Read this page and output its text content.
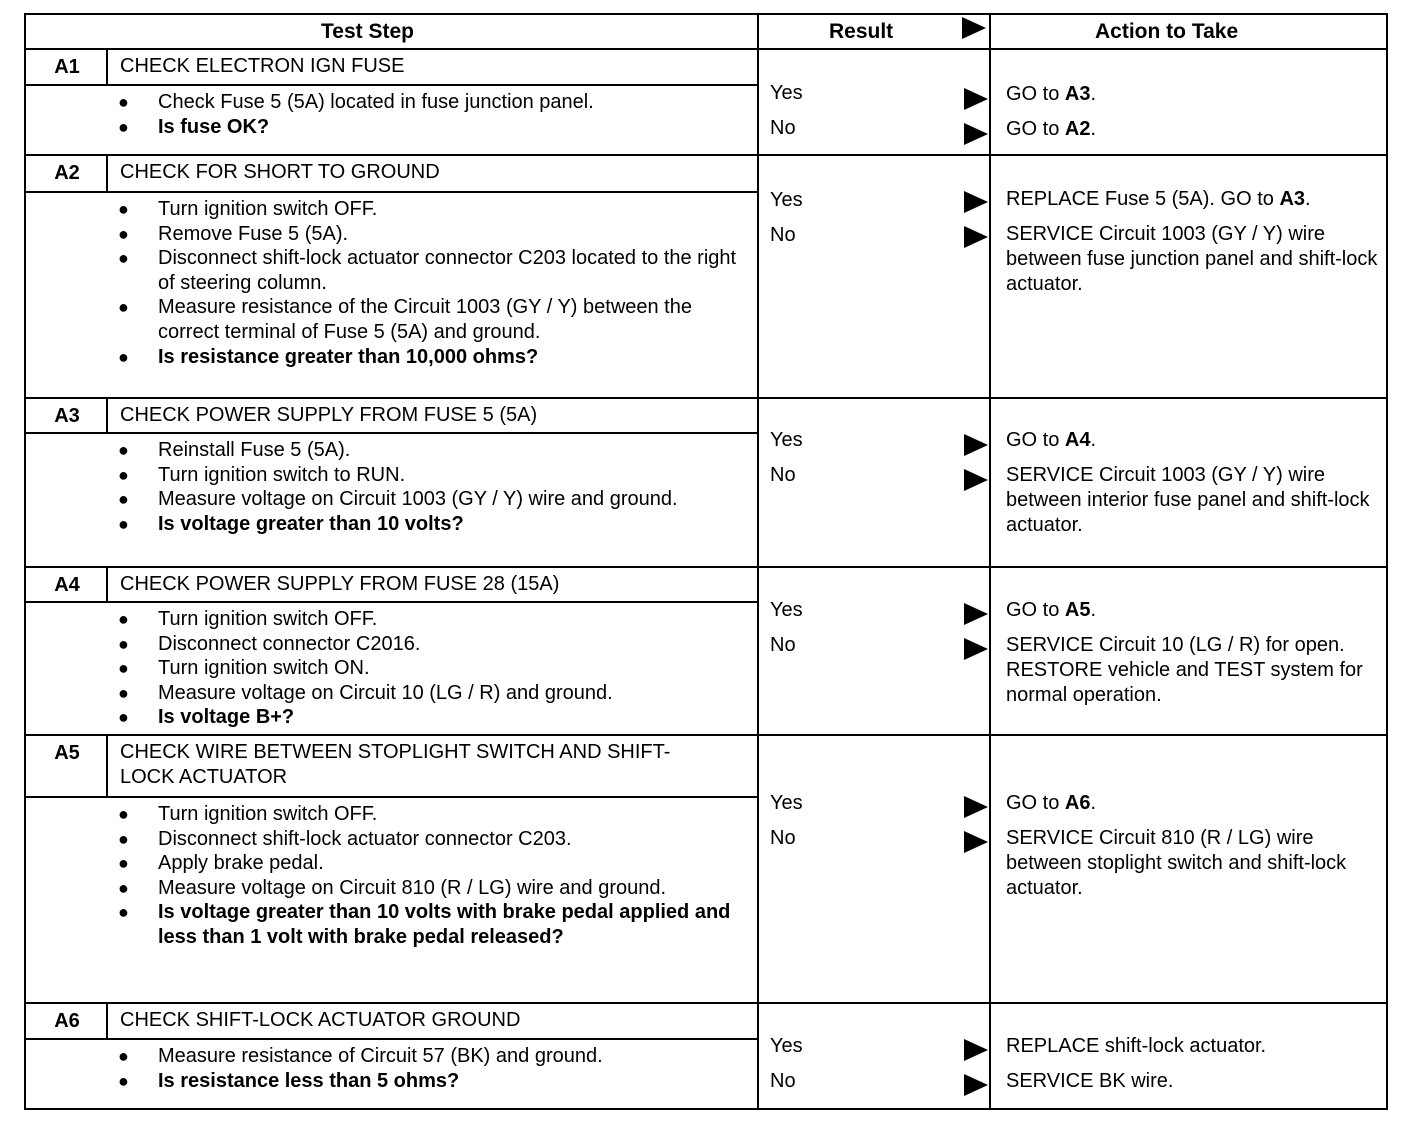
Test Step	Result	Action to Take
A1	CHECK ELECTRON IGN FUSE
● Check Fuse 5 (5A) located in fuse junction panel.
● Is fuse OK?
Yes	GO to A3.
No	GO to A2.
A2	CHECK FOR SHORT TO GROUND
● Turn ignition switch OFF.
● Remove Fuse 5 (5A).
● Disconnect shift-lock actuator connector C203 located to the right of steering column.
● Measure resistance of the Circuit 1003 (GY / Y) between the correct terminal of Fuse 5 (5A) and ground.
● Is resistance greater than 10,000 ohms?
Yes	REPLACE Fuse 5 (5A). GO to A3.
No	SERVICE Circuit 1003 (GY / Y) wire between fuse junction panel and shift-lock actuator.
A3	CHECK POWER SUPPLY FROM FUSE 5 (5A)
● Reinstall Fuse 5 (5A).
● Turn ignition switch to RUN.
● Measure voltage on Circuit 1003 (GY / Y) wire and ground.
● Is voltage greater than 10 volts?
Yes	GO to A4.
No	SERVICE Circuit 1003 (GY / Y) wire between interior fuse panel and shift-lock actuator.
A4	CHECK POWER SUPPLY FROM FUSE 28 (15A)
● Turn ignition switch OFF.
● Disconnect connector C2016.
● Turn ignition switch ON.
● Measure voltage on Circuit 10 (LG / R) and ground.
● Is voltage B+?
Yes	GO to A5.
No	SERVICE Circuit 10 (LG / R) for open. RESTORE vehicle and TEST system for normal operation.
A5	CHECK WIRE BETWEEN STOPLIGHT SWITCH AND SHIFT-LOCK ACTUATOR
● Turn ignition switch OFF.
● Disconnect shift-lock actuator connector C203.
● Apply brake pedal.
● Measure voltage on Circuit 810 (R / LG) wire and ground.
● Is voltage greater than 10 volts with brake pedal applied and less than 1 volt with brake pedal released?
Yes	GO to A6.
No	SERVICE Circuit 810 (R / LG) wire between stoplight switch and shift-lock actuator.
A6	CHECK SHIFT-LOCK ACTUATOR GROUND
● Measure resistance of Circuit 57 (BK) and ground.
● Is resistance less than 5 ohms?
Yes	REPLACE shift-lock actuator.
No	SERVICE BK wire.
